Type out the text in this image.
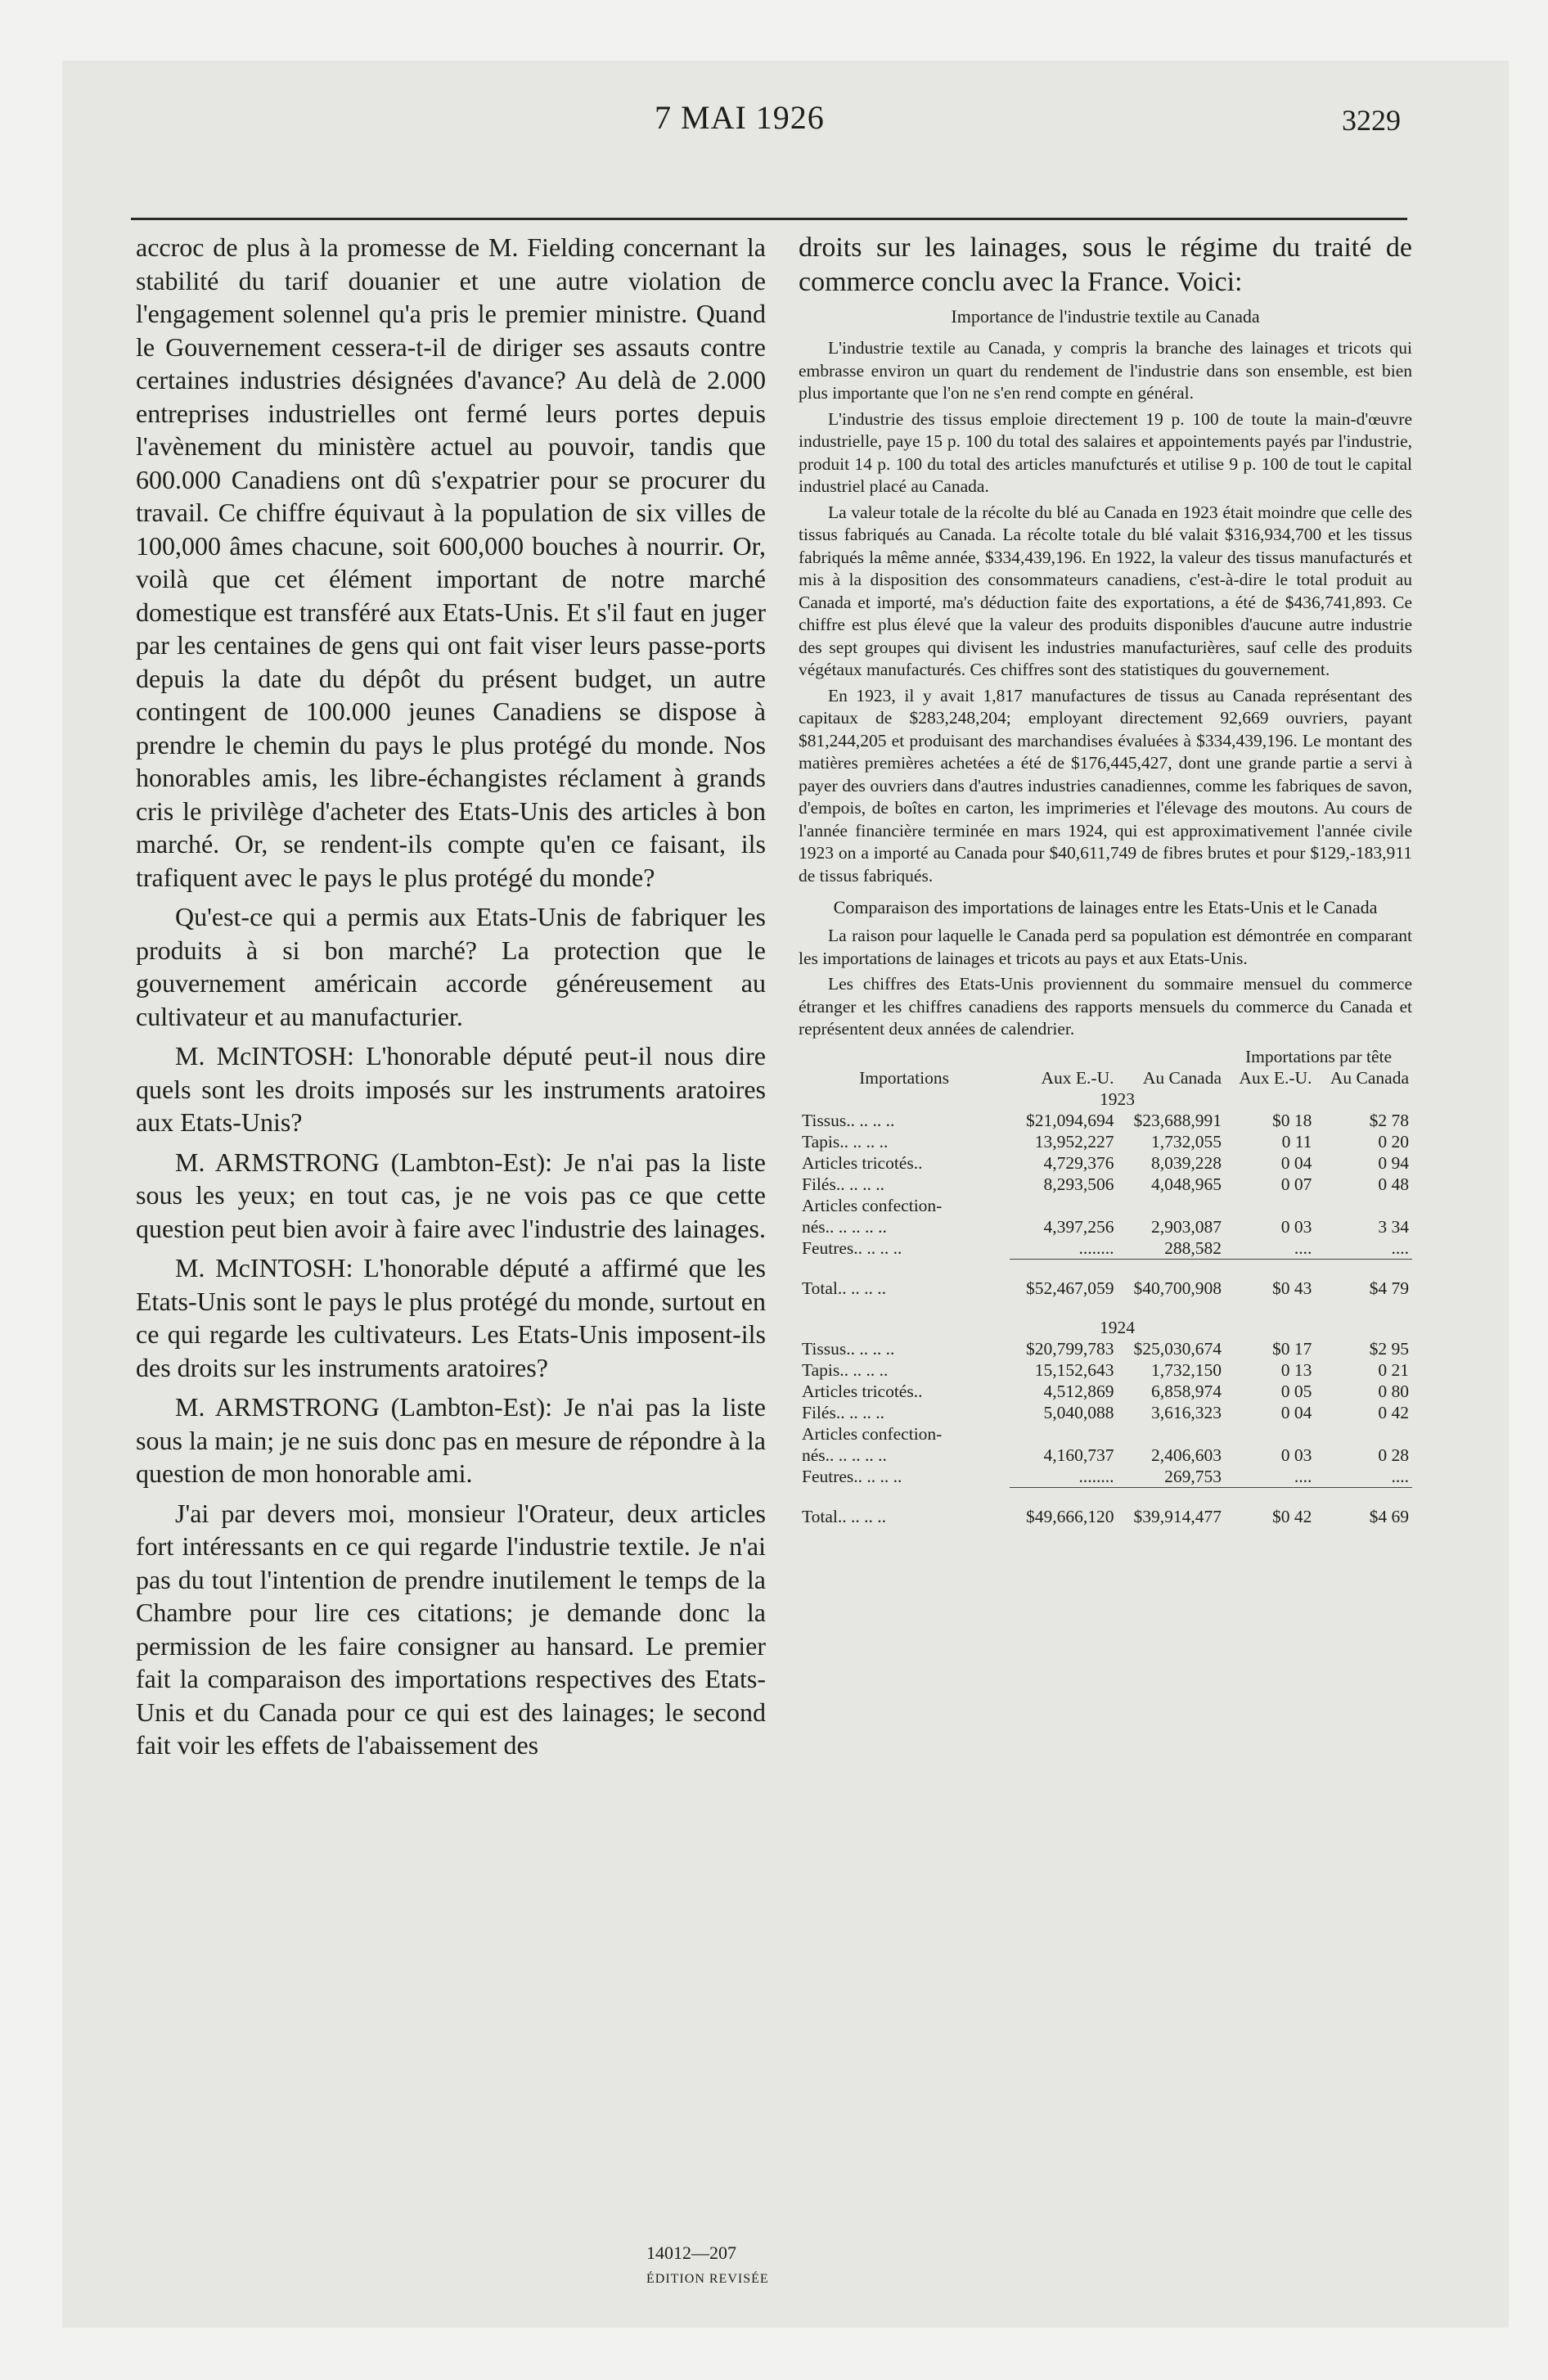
7 MAI 1926	3229

accroc de plus à la promesse de M. Fielding concernant la stabilité du tarif douanier et une autre violation de l'engagement solennel qu'a pris le premier ministre. Quand le Gouvernement cessera-t-il de diriger ses assauts contre certaines industries désignées d'avance? Au delà de 2.000 entreprises industrielles ont fermé leurs portes depuis l'avènement du ministère actuel au pouvoir, tandis que 600.000 Canadiens ont dû s'expatrier pour se procurer du travail. Ce chiffre équivaut à la population de six villes de 100,000 âmes chacune, soit 600,000 bouches à nourrir. Or, voilà que cet élément important de notre marché domestique est transféré aux Etats-Unis. Et s'il faut en juger par les centaines de gens qui ont fait viser leurs passe-ports depuis la date du dépôt du présent budget, un autre contingent de 100.000 jeunes Canadiens se dispose à prendre le chemin du pays le plus protégé du monde. Nos honorables amis, les libre-échangistes réclament à grands cris le privilège d'acheter des Etats-Unis des articles à bon marché. Or, se rendent-ils compte qu'en ce faisant, ils trafiquent avec le pays le plus protégé du monde?

Qu'est-ce qui a permis aux Etats-Unis de fabriquer les produits à si bon marché? La protection que le gouvernement américain accorde généreusement au cultivateur et au manufacturier.

M. McINTOSH: L'honorable député peut-il nous dire quels sont les droits imposés sur les instruments aratoires aux Etats-Unis?

M. ARMSTRONG (Lambton-Est): Je n'ai pas la liste sous les yeux; en tout cas, je ne vois pas ce que cette question peut bien avoir à faire avec l'industrie des lainages.

M. McINTOSH: L'honorable député a affirmé que les Etats-Unis sont le pays le plus protégé du monde, surtout en ce qui regarde les cultivateurs. Les Etats-Unis imposent-ils des droits sur les instruments aratoires?

M. ARMSTRONG (Lambton-Est): Je n'ai pas la liste sous la main; je ne suis donc pas en mesure de répondre à la question de mon honorable ami.

J'ai par devers moi, monsieur l'Orateur, deux articles fort intéressants en ce qui regarde l'industrie textile. Je n'ai pas du tout l'intention de prendre inutilement le temps de la Chambre pour lire ces citations; je demande donc la permission de les faire consigner au hansard. Le premier fait la comparaison des importations respectives des Etats-Unis et du Canada pour ce qui est des lainages; le second fait voir les effets de l'abaissement des

droits sur les lainages, sous le régime du traité de commerce conclu avec la France. Voici:

Importance de l'industrie textile au Canada

L'industrie textile au Canada, y compris la branche des lainages et tricots qui embrasse environ un quart du rendement de l'industrie dans son ensemble, est bien plus importante que l'on ne s'en rend compte en général.

L'industrie des tissus emploie directement 19 p. 100 de toute la main-d'œuvre industrielle, paye 15 p. 100 du total des salaires et appointements payés par l'industrie, produit 14 p. 100 du total des articles manufcturés et utilise 9 p. 100 de tout le capital industriel placé au Canada.

La valeur totale de la récolte du blé au Canada en 1923 était moindre que celle des tissus fabriqués au Canada. La récolte totale du blé valait $316,934,700 et les tissus fabriqués la même année, $334,439,196. En 1922, la valeur des tissus manufacturés et mis à la disposition des consommateurs canadiens, c'est-à-dire le total produit au Canada et importé, ma's déduction faite des exportations, a été de $436,741,893. Ce chiffre est plus élevé que la valeur des produits disponibles d'aucune autre industrie des sept groupes qui divisent les industries manufacturières, sauf celle des produits végétaux manufacturés. Ces chiffres sont des statistiques du gouvernement.

En 1923, il y avait 1,817 manufactures de tissus au Canada représentant des capitaux de $283,248,204; employant directement 92,669 ouvriers, payant $81,244,205 et produisant des marchandises évaluées à $334,439,196. Le montant des matières premières achetées a été de $176,445,427, dont une grande partie a servi à payer des ouvriers dans d'autres industries canadiennes, comme les fabriques de savon, d'empois, de boîtes en carton, les imprimeries et l'élevage des moutons. Au cours de l'année financière terminée en mars 1924, qui est approximativement l'année civile 1923 on a importé au Canada pour $40,611,749 de fibres brutes et pour $129,-183,911 de tissus fabriqués.

Comparaison des importations de lainages entre les Etats-Unis et le Canada

La raison pour laquelle le Canada perd sa population est démontrée en comparant les importations de lainages et tricots au pays et aux Etats-Unis.

Les chiffres des Etats-Unis proviennent du sommaire mensuel du commerce étranger et les chiffres canadiens des rapports mensuels du commerce du Canada et représentent deux années de calendrier.

			Importations par tête	
Importations	Aux E.-U.	Au Canada	Aux E.-U.	Au Canada
	1923			
Tissus.. .. .. ..	$21,094,694	$23,688,991	$0 18	$2 78
Tapis.. .. .. ..	13,952,227	1,732,055	0 11	0 20
Articles tricotés..	4,729,376	8,039,228	0 04	0 94
Filés.. .. .. ..	8,293,506	4,048,965	0 07	0 48
Articles confection-				
nés.. .. .. .. ..	4,397,256	2,903,087	0 03	3 34
Feutres.. .. .. ..	........	288,582	....	....
Total.. .. .. ..	$52,467,059	$40,700,908	$0 43	$4 79
	1924			
Tissus.. .. .. ..	$20,799,783	$25,030,674	$0 17	$2 95
Tapis.. .. .. ..	15,152,643	1,732,150	0 13	0 21
Articles tricotés..	4,512,869	6,858,974	0 05	0 80
Filés.. .. .. ..	5,040,088	3,616,323	0 04	0 42
Articles confection-				
nés.. .. .. .. ..	4,160,737	2,406,603	0 03	0 28
Feutres.. .. .. ..	........	269,753	....	....
Total.. .. .. ..	$49,666,120	$39,914,477	$0 42	$4 69
14012—207
ÉDITION REVISÉE
